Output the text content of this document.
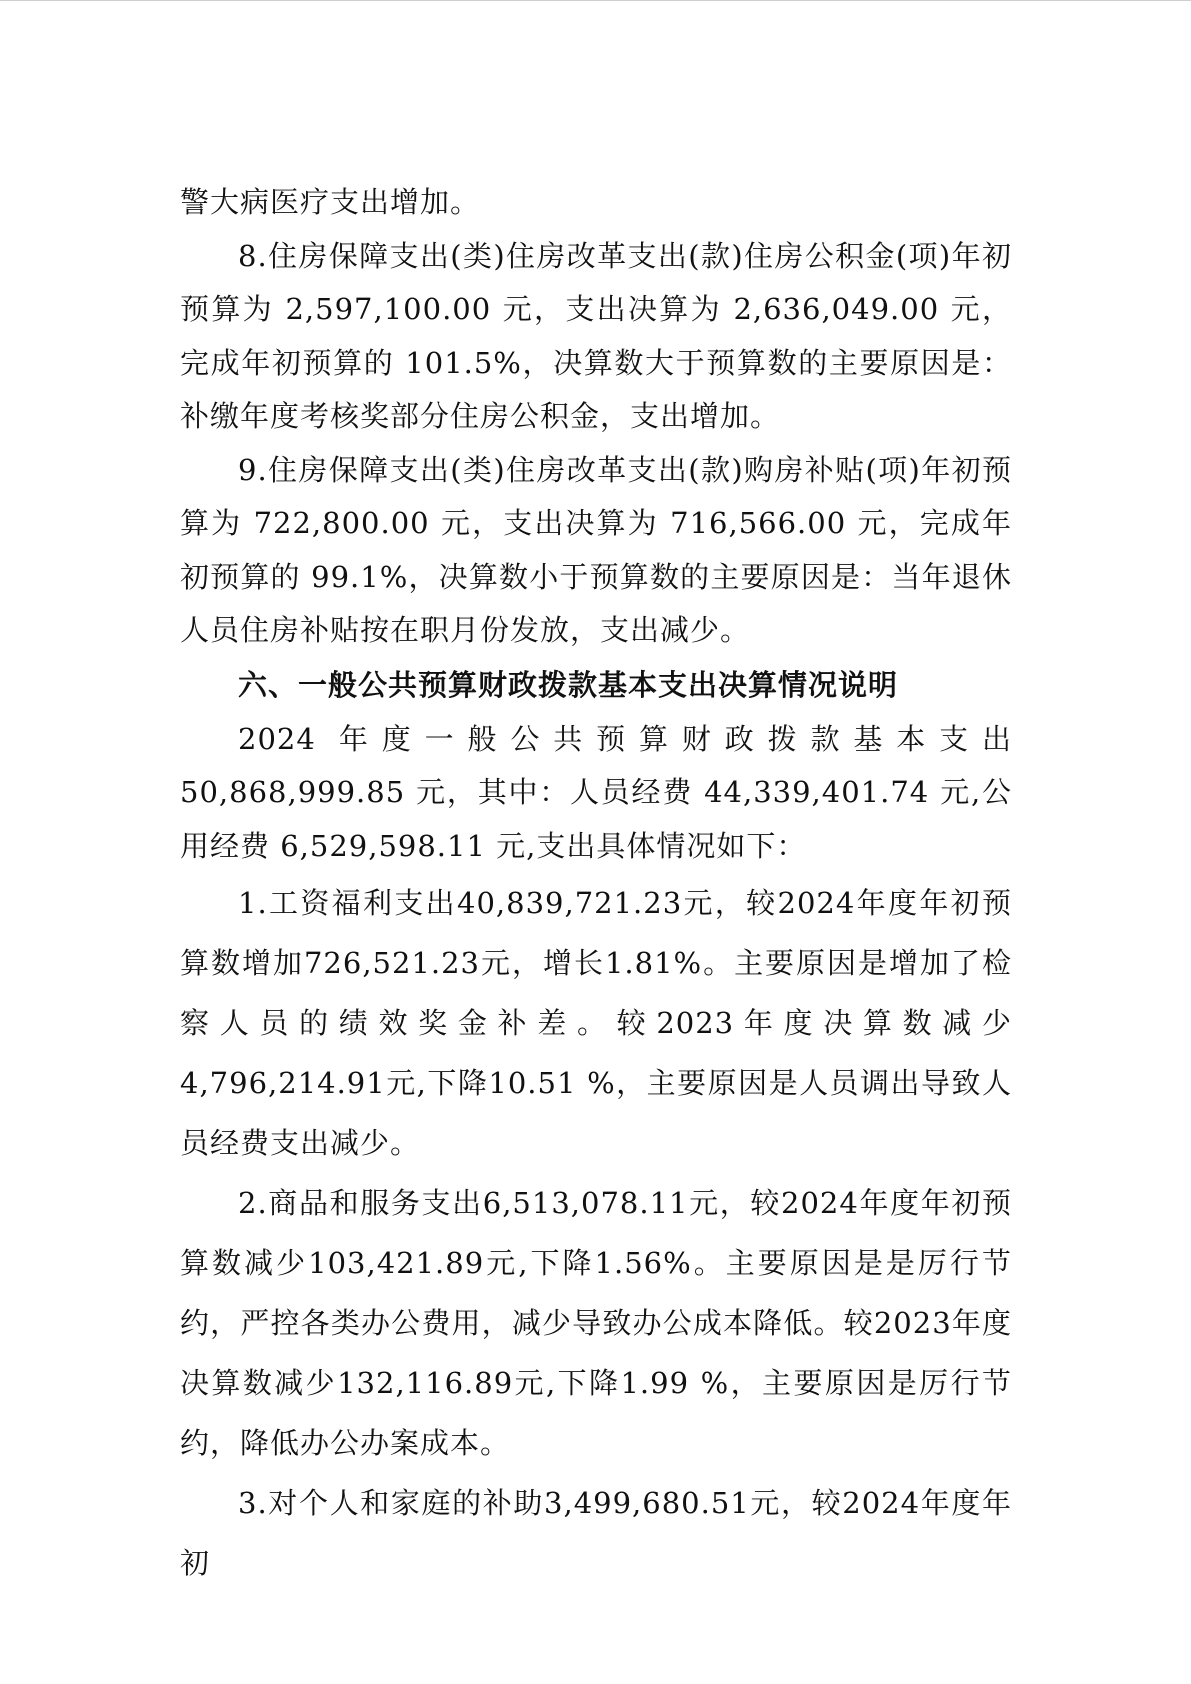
警大病医疗支出增加。

8.住房保障支出(类)住房改革支出(款)住房公积金(项)年初预算为 2,597,100.00 元，支出决算为 2,636,049.00 元，完成年初预算的 101.5%，决算数大于预算数的主要原因是：补缴年度考核奖部分住房公积金，支出增加。

9.住房保障支出(类)住房改革支出(款)购房补贴(项)年初预算为 722,800.00 元，支出决算为 716,566.00 元，完成年初预算的 99.1%，决算数小于预算数的主要原因是：当年退休人员住房补贴按在职月份发放，支出减少。

六、一般公共预算财政拨款基本支出决算情况说明

2024 年度一般公共预算财政拨款基本支出 50,868,999.85 元，其中：人员经费 44,339,401.74 元,公用经费 6,529,598.11 元,支出具体情况如下：

1.工资福利支出40,839,721.23元，较2024年度年初预算数增加726,521.23元，增长1.81%。主要原因是增加了检察人员的绩效奖金补差。较2023年度决算数减少4,796,214.91元,下降10.51 %，主要原因是人员调出导致人员经费支出减少。

2.商品和服务支出6,513,078.11元，较2024年度年初预算数减少103,421.89元,下降1.56%。主要原因是是厉行节约，严控各类办公费用，减少导致办公成本降低。较2023年度决算数减少132,116.89元,下降1.99 %，主要原因是厉行节约，降低办公办案成本。

3.对个人和家庭的补助3,499,680.51元，较2024年度年初
